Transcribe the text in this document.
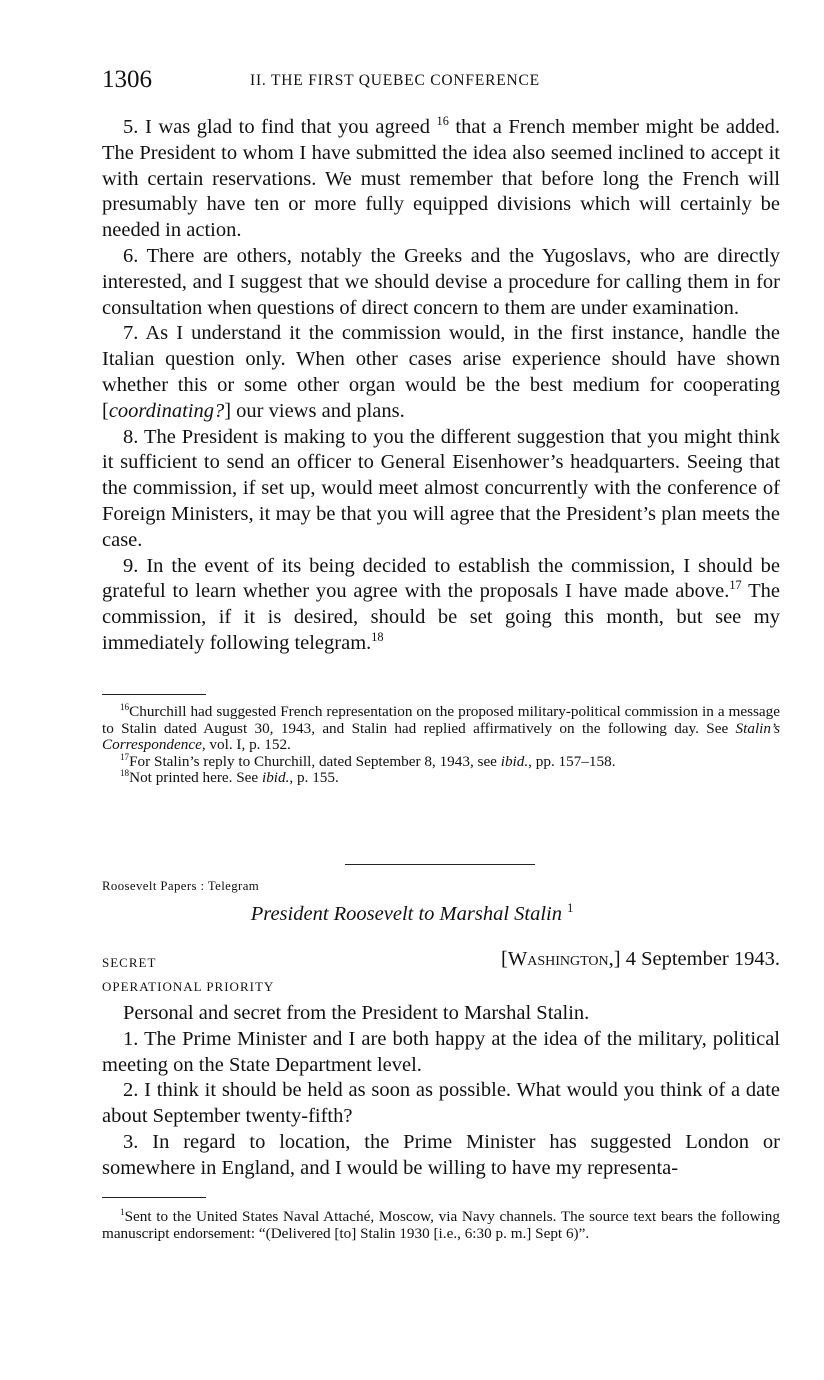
1306	II. THE FIRST QUEBEC CONFERENCE

5. I was glad to find that you agreed $^{16}$ that a French member might be added. The President to whom I have submitted the idea also seemed inclined to accept it with certain reservations. We must remember that before long the French will presumably have ten or more fully equipped divisions which will certainly be needed in action.

6. There are others, notably the Greeks and the Yugoslavs, who are directly interested, and I suggest that we should devise a procedure for calling them in for consultation when questions of direct concern to them are under examination.

7. As I understand it the commission would, in the first instance, handle the Italian question only. When other cases arise experience should have shown whether this or some other organ would be the best medium for cooperating [coordinating?] our views and plans.

8. The President is making to you the different suggestion that you might think it sufficient to send an officer to General Eisenhower’s headquarters. Seeing that the commission, if set up, would meet almost concurrently with the conference of Foreign Ministers, it may be that you will agree that the President’s plan meets the case.

9. In the event of its being decided to establish the commission, I should be grateful to learn whether you agree with the proposals I have made above.$^{17}$ The commission, if it is desired, should be set going this month, but see my immediately following telegram.$^{18}$

$^{16}$Churchill had suggested French representation on the proposed military-political commission in a message to Stalin dated August 30, 1943, and Stalin had replied affirmatively on the following day. See Stalin’s Correspondence, vol. I, p. 152.

$^{17}$For Stalin’s reply to Churchill, dated September 8, 1943, see ibid., pp. 157–158.

$^{18}$Not printed here. See ibid., p. 155.

Roosevelt Papers : Telegram
President Roosevelt to Marshal Stalin $^1$
SECRET
OPERATIONAL PRIORITY
[Washington,] 4 September 1943.

Personal and secret from the President to Marshal Stalin.

1. The Prime Minister and I are both happy at the idea of the military, political meeting on the State Department level.

2. I think it should be held as soon as possible. What would you think of a date about September twenty-fifth?

3. In regard to location, the Prime Minister has suggested London or somewhere in England, and I would be willing to have my representa-

$^1$Sent to the United States Naval Attaché, Moscow, via Navy channels. The source text bears the following manuscript endorsement: “(Delivered [to] Stalin 1930 [i.e., 6:30 p. m.] Sept 6)”.
